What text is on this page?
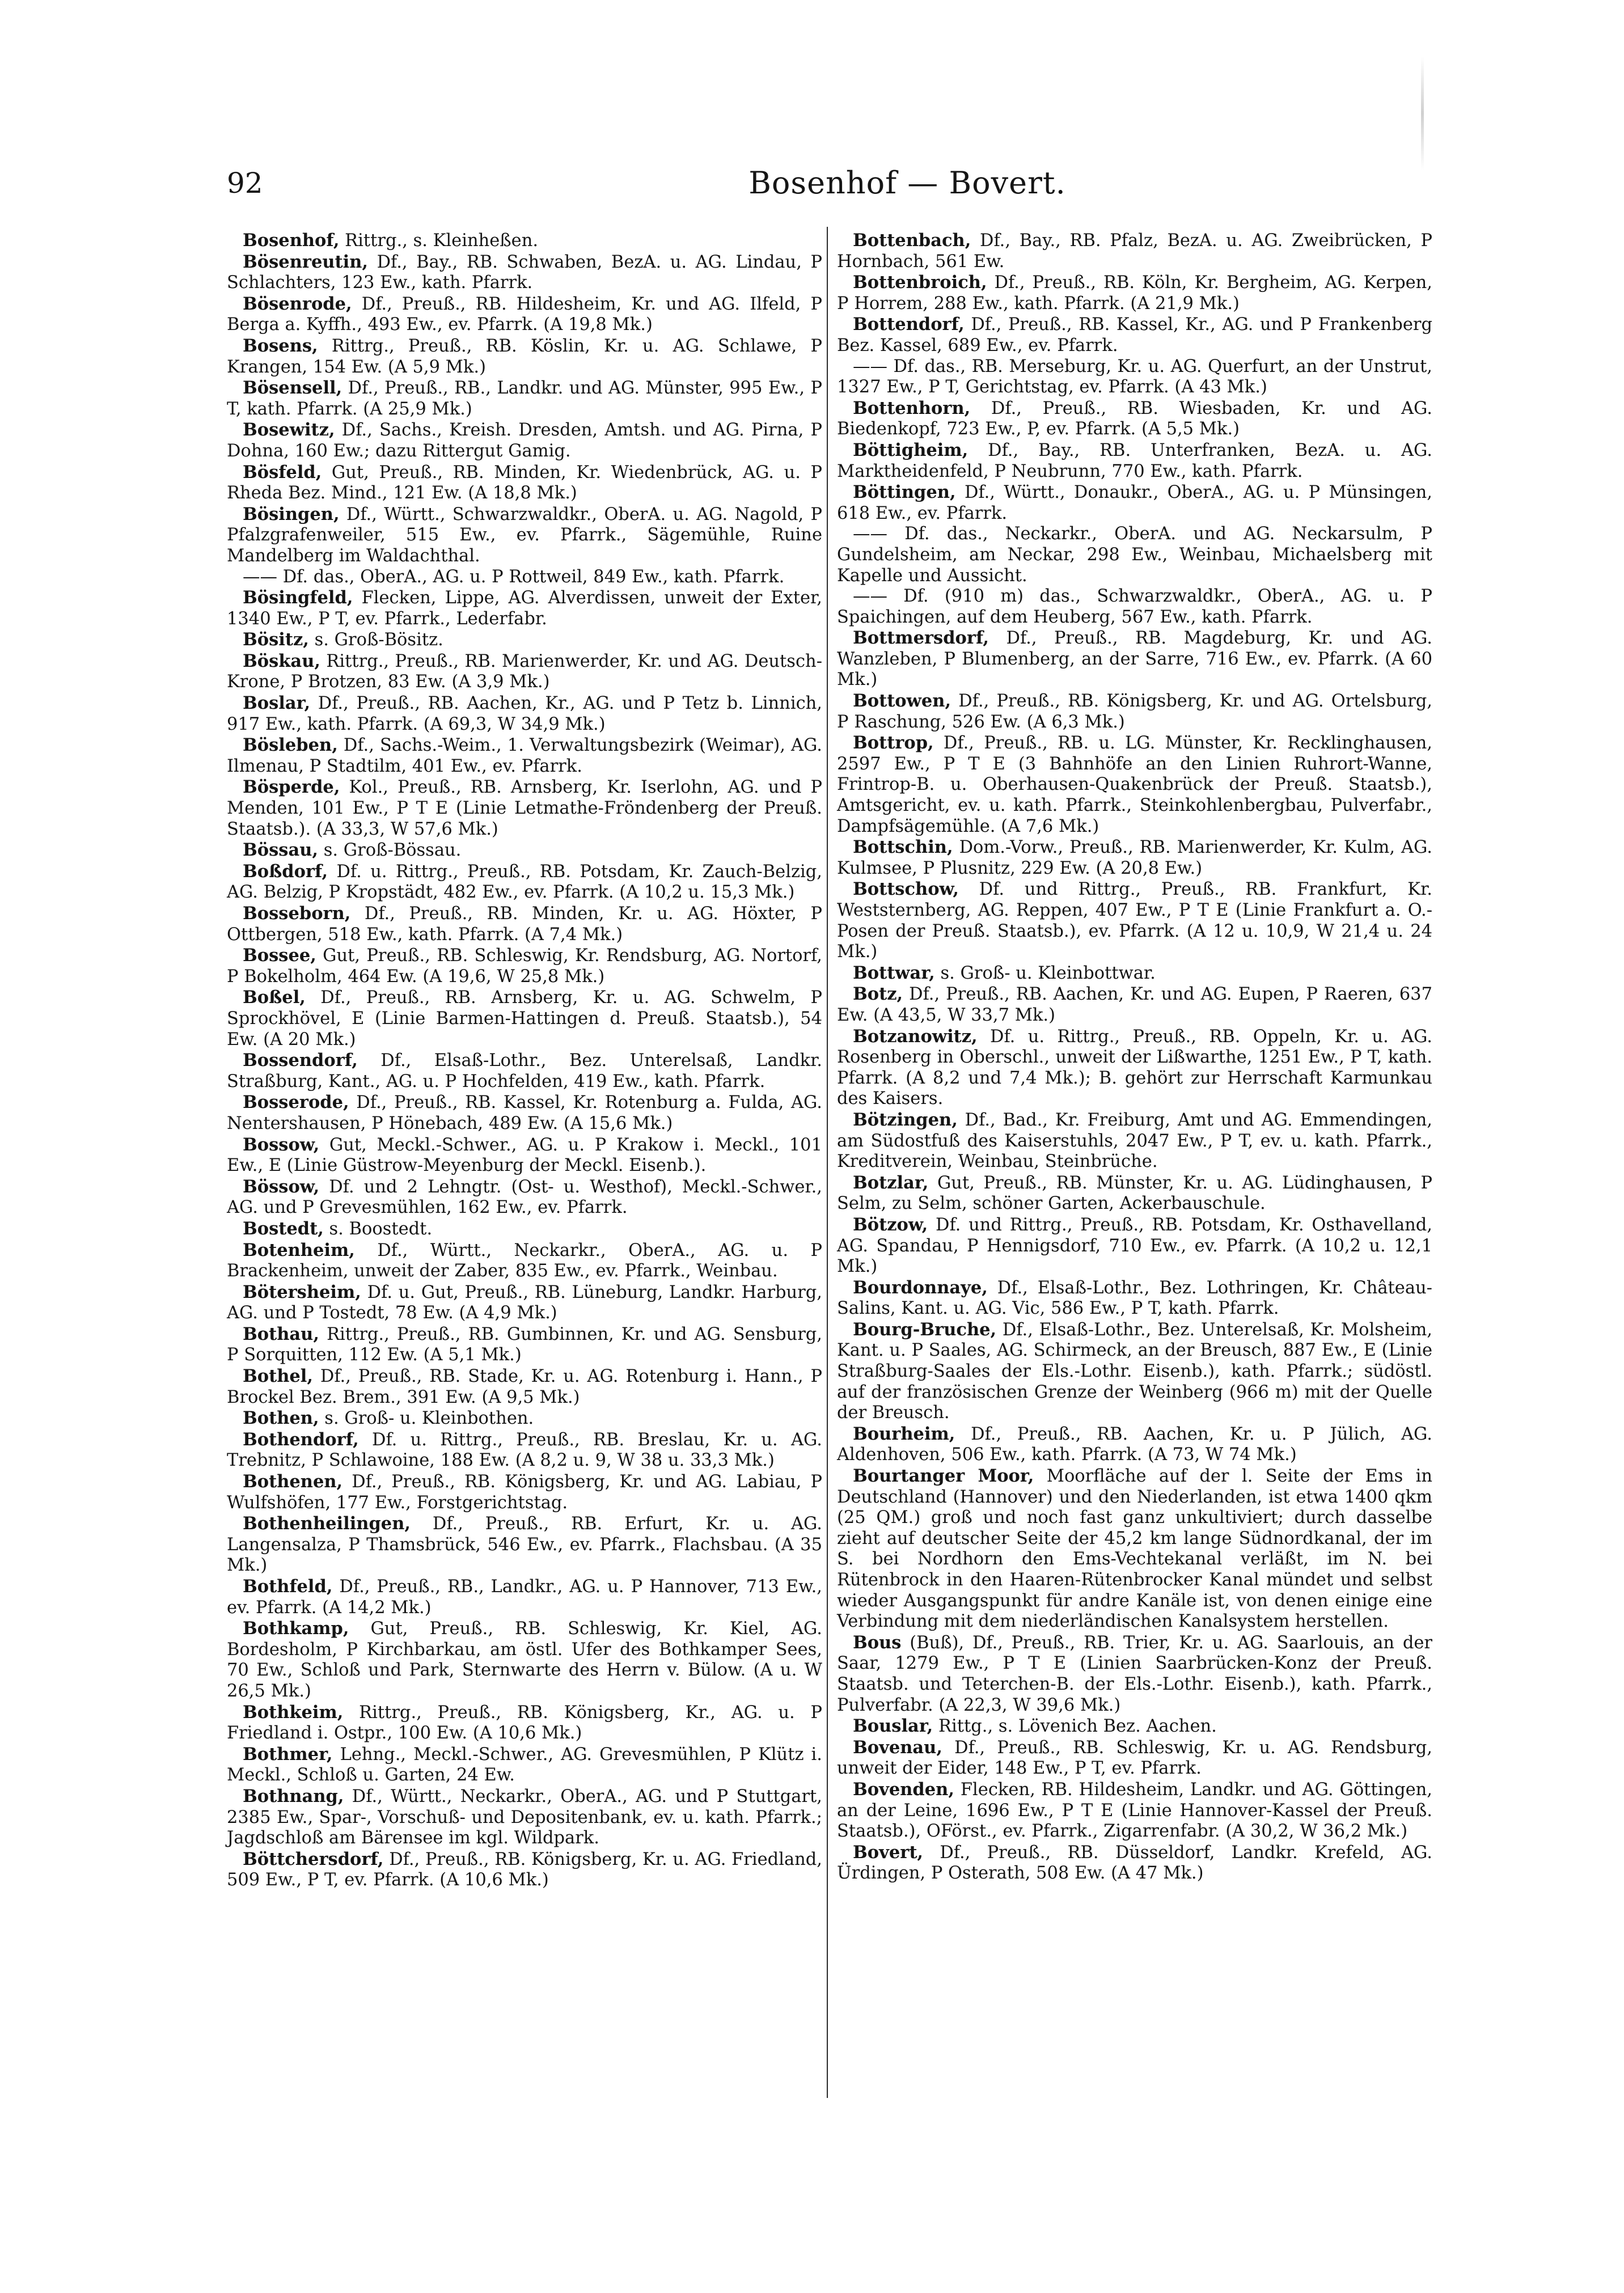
92	Bosenhof — Bovert.

Bosenhof, Rittrg., s. Kleinheßen.

Bösenreutin, Df., Bay., RB. Schwaben, BezA. u. AG. Lindau, P Schlachters, 123 Ew., kath. Pfarrk.

Bösenrode, Df., Preuß., RB. Hildesheim, Kr. und AG. Ilfeld, P Berga a. Kyffh., 493 Ew., ev. Pfarrk. (A 19,8 Mk.)

Bosens, Rittrg., Preuß., RB. Köslin, Kr. u. AG. Schlawe, P Krangen, 154 Ew. (A 5,9 Mk.)

Bösensell, Df., Preuß., RB., Landkr. und AG. Münster, 995 Ew., P T, kath. Pfarrk. (A 25,9 Mk.)

Bosewitz, Df., Sachs., Kreish. Dresden, Amtsh. und AG. Pirna, P Dohna, 160 Ew.; dazu Rittergut Gamig.

Bösfeld, Gut, Preuß., RB. Minden, Kr. Wiedenbrück, AG. u. P Rheda Bez. Mind., 121 Ew. (A 18,8 Mk.)

Bösingen, Df., Württ., Schwarzwaldkr., OberA. u. AG. Nagold, P Pfalzgrafenweiler, 515 Ew., ev. Pfarrk., Sägemühle, Ruine Mandelberg im Waldachthal.

—— Df. das., OberA., AG. u. P Rottweil, 849 Ew., kath. Pfarrk.

Bösingfeld, Flecken, Lippe, AG. Alverdissen, unweit der Exter, 1340 Ew., P T, ev. Pfarrk., Lederfabr.

Bösitz, s. Groß-Bösitz.

Böskau, Rittrg., Preuß., RB. Marienwerder, Kr. und AG. Deutsch-Krone, P Brotzen, 83 Ew. (A 3,9 Mk.)

Boslar, Df., Preuß., RB. Aachen, Kr., AG. und P Tetz b. Linnich, 917 Ew., kath. Pfarrk. (A 69,3, W 34,9 Mk.)

Bösleben, Df., Sachs.-Weim., 1. Verwaltungsbezirk (Weimar), AG. Ilmenau, P Stadtilm, 401 Ew., ev. Pfarrk.

Bösperde, Kol., Preuß., RB. Arnsberg, Kr. Iserlohn, AG. und P Menden, 101 Ew., P T E (Linie Letmathe-Fröndenberg der Preuß. Staatsb.). (A 33,3, W 57,6 Mk.)

Bössau, s. Groß-Bössau.

Boßdorf, Df. u. Rittrg., Preuß., RB. Potsdam, Kr. Zauch-Belzig, AG. Belzig, P Kropstädt, 482 Ew., ev. Pfarrk. (A 10,2 u. 15,3 Mk.)

Bosseborn, Df., Preuß., RB. Minden, Kr. u. AG. Höxter, P Ottbergen, 518 Ew., kath. Pfarrk. (A 7,4 Mk.)

Bossee, Gut, Preuß., RB. Schleswig, Kr. Rendsburg, AG. Nortorf, P Bokelholm, 464 Ew. (A 19,6, W 25,8 Mk.)

Boßel, Df., Preuß., RB. Arnsberg, Kr. u. AG. Schwelm, P Sprockhövel, E (Linie Barmen-Hattingen d. Preuß. Staatsb.), 54 Ew. (A 20 Mk.)

Bossendorf, Df., Elsaß-Lothr., Bez. Unterelsaß, Landkr. Straßburg, Kant., AG. u. P Hochfelden, 419 Ew., kath. Pfarrk.

Bosserode, Df., Preuß., RB. Kassel, Kr. Rotenburg a. Fulda, AG. Nentershausen, P Hönebach, 489 Ew. (A 15,6 Mk.)

Bossow, Gut, Meckl.-Schwer., AG. u. P Krakow i. Meckl., 101 Ew., E (Linie Güstrow-Meyenburg der Meckl. Eisenb.).

Bössow, Df. und 2 Lehngtr. (Ost- u. Westhof), Meckl.-Schwer., AG. und P Grevesmühlen, 162 Ew., ev. Pfarrk.

Bostedt, s. Boostedt.

Botenheim, Df., Württ., Neckarkr., OberA., AG. u. P Brackenheim, unweit der Zaber, 835 Ew., ev. Pfarrk., Weinbau.

Bötersheim, Df. u. Gut, Preuß., RB. Lüneburg, Landkr. Harburg, AG. und P Tostedt, 78 Ew. (A 4,9 Mk.)

Bothau, Rittrg., Preuß., RB. Gumbinnen, Kr. und AG. Sensburg, P Sorquitten, 112 Ew. (A 5,1 Mk.)

Bothel, Df., Preuß., RB. Stade, Kr. u. AG. Rotenburg i. Hann., P Brockel Bez. Brem., 391 Ew. (A 9,5 Mk.)

Bothen, s. Groß- u. Kleinbothen.

Bothendorf, Df. u. Rittrg., Preuß., RB. Breslau, Kr. u. AG. Trebnitz, P Schlawoine, 188 Ew. (A 8,2 u. 9, W 38 u. 33,3 Mk.)

Bothenen, Df., Preuß., RB. Königsberg, Kr. und AG. Labiau, P Wulfshöfen, 177 Ew., Forstgerichtstag.

Bothenheilingen, Df., Preuß., RB. Erfurt, Kr. u. AG. Langensalza, P Thamsbrück, 546 Ew., ev. Pfarrk., Flachsbau. (A 35 Mk.)

Bothfeld, Df., Preuß., RB., Landkr., AG. u. P Hannover, 713 Ew., ev. Pfarrk. (A 14,2 Mk.)

Bothkamp, Gut, Preuß., RB. Schleswig, Kr. Kiel, AG. Bordesholm, P Kirchbarkau, am östl. Ufer des Bothkamper Sees, 70 Ew., Schloß und Park, Sternwarte des Herrn v. Bülow. (A u. W 26,5 Mk.)

Bothkeim, Rittrg., Preuß., RB. Königsberg, Kr., AG. u. P Friedland i. Ostpr., 100 Ew. (A 10,6 Mk.)

Bothmer, Lehng., Meckl.-Schwer., AG. Grevesmühlen, P Klütz i. Meckl., Schloß u. Garten, 24 Ew.

Bothnang, Df., Württ., Neckarkr., OberA., AG. und P Stuttgart, 2385 Ew., Spar-, Vorschuß- und Depositenbank, ev. u. kath. Pfarrk.; Jagdschloß am Bärensee im kgl. Wildpark.

Böttchersdorf, Df., Preuß., RB. Königsberg, Kr. u. AG. Friedland, 509 Ew., P T, ev. Pfarrk. (A 10,6 Mk.)

Bottenbach, Df., Bay., RB. Pfalz, BezA. u. AG. Zweibrücken, P Hornbach, 561 Ew.

Bottenbroich, Df., Preuß., RB. Köln, Kr. Bergheim, AG. Kerpen, P Horrem, 288 Ew., kath. Pfarrk. (A 21,9 Mk.)

Bottendorf, Df., Preuß., RB. Kassel, Kr., AG. und P Frankenberg Bez. Kassel, 689 Ew., ev. Pfarrk.

—— Df. das., RB. Merseburg, Kr. u. AG. Querfurt, an der Unstrut, 1327 Ew., P T, Gerichtstag, ev. Pfarrk. (A 43 Mk.)

Bottenhorn, Df., Preuß., RB. Wiesbaden, Kr. und AG. Biedenkopf, 723 Ew., P, ev. Pfarrk. (A 5,5 Mk.)

Böttigheim, Df., Bay., RB. Unterfranken, BezA. u. AG. Marktheidenfeld, P Neubrunn, 770 Ew., kath. Pfarrk.

Böttingen, Df., Württ., Donaukr., OberA., AG. u. P Münsingen, 618 Ew., ev. Pfarrk.

—— Df. das., Neckarkr., OberA. und AG. Neckarsulm, P Gundelsheim, am Neckar, 298 Ew., Weinbau, Michaelsberg mit Kapelle und Aussicht.

—— Df. (910 m) das., Schwarzwaldkr., OberA., AG. u. P Spaichingen, auf dem Heuberg, 567 Ew., kath. Pfarrk.

Bottmersdorf, Df., Preuß., RB. Magdeburg, Kr. und AG. Wanzleben, P Blumenberg, an der Sarre, 716 Ew., ev. Pfarrk. (A 60 Mk.)

Bottowen, Df., Preuß., RB. Königsberg, Kr. und AG. Ortelsburg, P Raschung, 526 Ew. (A 6,3 Mk.)

Bottrop, Df., Preuß., RB. u. LG. Münster, Kr. Recklinghausen, 2597 Ew., P T E (3 Bahnhöfe an den Linien Ruhrort-Wanne, Frintrop-B. u. Oberhausen-Quakenbrück der Preuß. Staatsb.), Amtsgericht, ev. u. kath. Pfarrk., Steinkohlenbergbau, Pulverfabr., Dampfsägemühle. (A 7,6 Mk.)

Bottschin, Dom.-Vorw., Preuß., RB. Marienwerder, Kr. Kulm, AG. Kulmsee, P Plusnitz, 229 Ew. (A 20,8 Ew.)

Bottschow, Df. und Rittrg., Preuß., RB. Frankfurt, Kr. Weststernberg, AG. Reppen, 407 Ew., P T E (Linie Frankfurt a. O.-Posen der Preuß. Staatsb.), ev. Pfarrk. (A 12 u. 10,9, W 21,4 u. 24 Mk.)

Bottwar, s. Groß- u. Kleinbottwar.

Botz, Df., Preuß., RB. Aachen, Kr. und AG. Eupen, P Raeren, 637 Ew. (A 43,5, W 33,7 Mk.)

Botzanowitz, Df. u. Rittrg., Preuß., RB. Oppeln, Kr. u. AG. Rosenberg in Oberschl., unweit der Lißwarthe, 1251 Ew., P T, kath. Pfarrk. (A 8,2 und 7,4 Mk.); B. gehört zur Herrschaft Karmunkau des Kaisers.

Bötzingen, Df., Bad., Kr. Freiburg, Amt und AG. Emmendingen, am Südostfuß des Kaiserstuhls, 2047 Ew., P T, ev. u. kath. Pfarrk., Kreditverein, Weinbau, Steinbrüche.

Botzlar, Gut, Preuß., RB. Münster, Kr. u. AG. Lüdinghausen, P Selm, zu Selm, schöner Garten, Ackerbauschule.

Bötzow, Df. und Rittrg., Preuß., RB. Potsdam, Kr. Osthavelland, AG. Spandau, P Hennigsdorf, 710 Ew., ev. Pfarrk. (A 10,2 u. 12,1 Mk.)

Bourdonnaye, Df., Elsaß-Lothr., Bez. Lothringen, Kr. Château-Salins, Kant. u. AG. Vic, 586 Ew., P T, kath. Pfarrk.

Bourg-Bruche, Df., Elsaß-Lothr., Bez. Unterelsaß, Kr. Molsheim, Kant. u. P Saales, AG. Schirmeck, an der Breusch, 887 Ew., E (Linie Straßburg-Saales der Els.-Lothr. Eisenb.), kath. Pfarrk.; südöstl. auf der französischen Grenze der Weinberg (966 m) mit der Quelle der Breusch.

Bourheim, Df., Preuß., RB. Aachen, Kr. u. P Jülich, AG. Aldenhoven, 506 Ew., kath. Pfarrk. (A 73, W 74 Mk.)

Bourtanger Moor, Moorfläche auf der l. Seite der Ems in Deutschland (Hannover) und den Niederlanden, ist etwa 1400 qkm (25 QM.) groß und noch fast ganz unkultiviert; durch dasselbe zieht auf deutscher Seite der 45,2 km lange Südnordkanal, der im S. bei Nordhorn den Ems-Vechtekanal verläßt, im N. bei Rütenbrock in den Haaren-Rütenbrocker Kanal mündet und selbst wieder Ausgangspunkt für andre Kanäle ist, von denen einige eine Verbindung mit dem niederländischen Kanalsystem herstellen.

Bous (Buß), Df., Preuß., RB. Trier, Kr. u. AG. Saarlouis, an der Saar, 1279 Ew., P T E (Linien Saarbrücken-Konz der Preuß. Staatsb. und Teterchen-B. der Els.-Lothr. Eisenb.), kath. Pfarrk., Pulverfabr. (A 22,3, W 39,6 Mk.)

Bouslar, Rittg., s. Lövenich Bez. Aachen.

Bovenau, Df., Preuß., RB. Schleswig, Kr. u. AG. Rendsburg, unweit der Eider, 148 Ew., P T, ev. Pfarrk.

Bovenden, Flecken, RB. Hildesheim, Landkr. und AG. Göttingen, an der Leine, 1696 Ew., P T E (Linie Hannover-Kassel der Preuß. Staatsb.), OFörst., ev. Pfarrk., Zigarrenfabr. (A 30,2, W 36,2 Mk.)

Bovert, Df., Preuß., RB. Düsseldorf, Landkr. Krefeld, AG. Ürdingen, P Osterath, 508 Ew. (A 47 Mk.)
